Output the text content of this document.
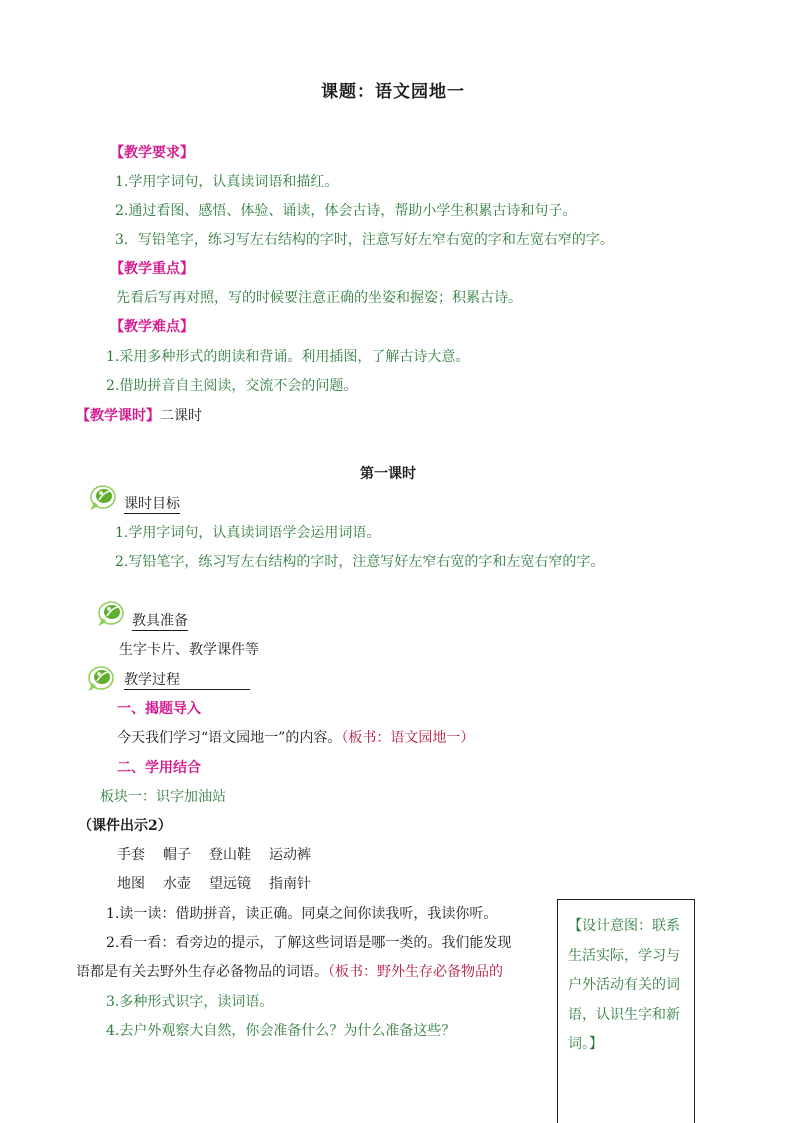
课题：语文园地一
【教学要求】
1.学用字词句，认真读词语和描红。
2.通过看图、感悟、体验、诵读，体会古诗，帮助小学生积累古诗和句子。
3．写铅笔字，练习写左右结构的字时，注意写好左窄右宽的字和左宽右窄的字。
【教学重点】
先看后写再对照，写的时候要注意正确的坐姿和握姿；积累古诗。
【教学难点】
1.采用多种形式的朗读和背诵。利用插图，了解古诗大意。
2.借助拼音自主阅读，交流不会的问题。
【教学课时】二课时
第一课时
课时目标
1.学用字词句，认真读词语学会运用词语。
2.写铅笔字，练习写左右结构的字时，注意写好左窄右宽的字和左宽右窄的字。
教具准备
生字卡片、教学课件等
教学过程
一、揭题导入
今天我们学习“语文园地一”的内容。（板书：语文园地一）
二、学用结合
板块一：识字加油站
（课件出示2）
手套 帽子 登山鞋 运动裤
地图 水壶 望远镜 指南针
1.读一读：借助拼音，读正确。同桌之间你读我听，我读你听。
2.看一看：看旁边的提示，了解这些词语是哪一类的。我们能发现
语都是有关去野外生存必备物品的词语。（板书：野外生存必备物品的
3.多种形式识字，读词语。
4.去户外观察大自然，你会准备什么？为什么准备这些？
【设计意图：联系生活实际，学习与户外活动有关的词语，认识生字和新词。】
